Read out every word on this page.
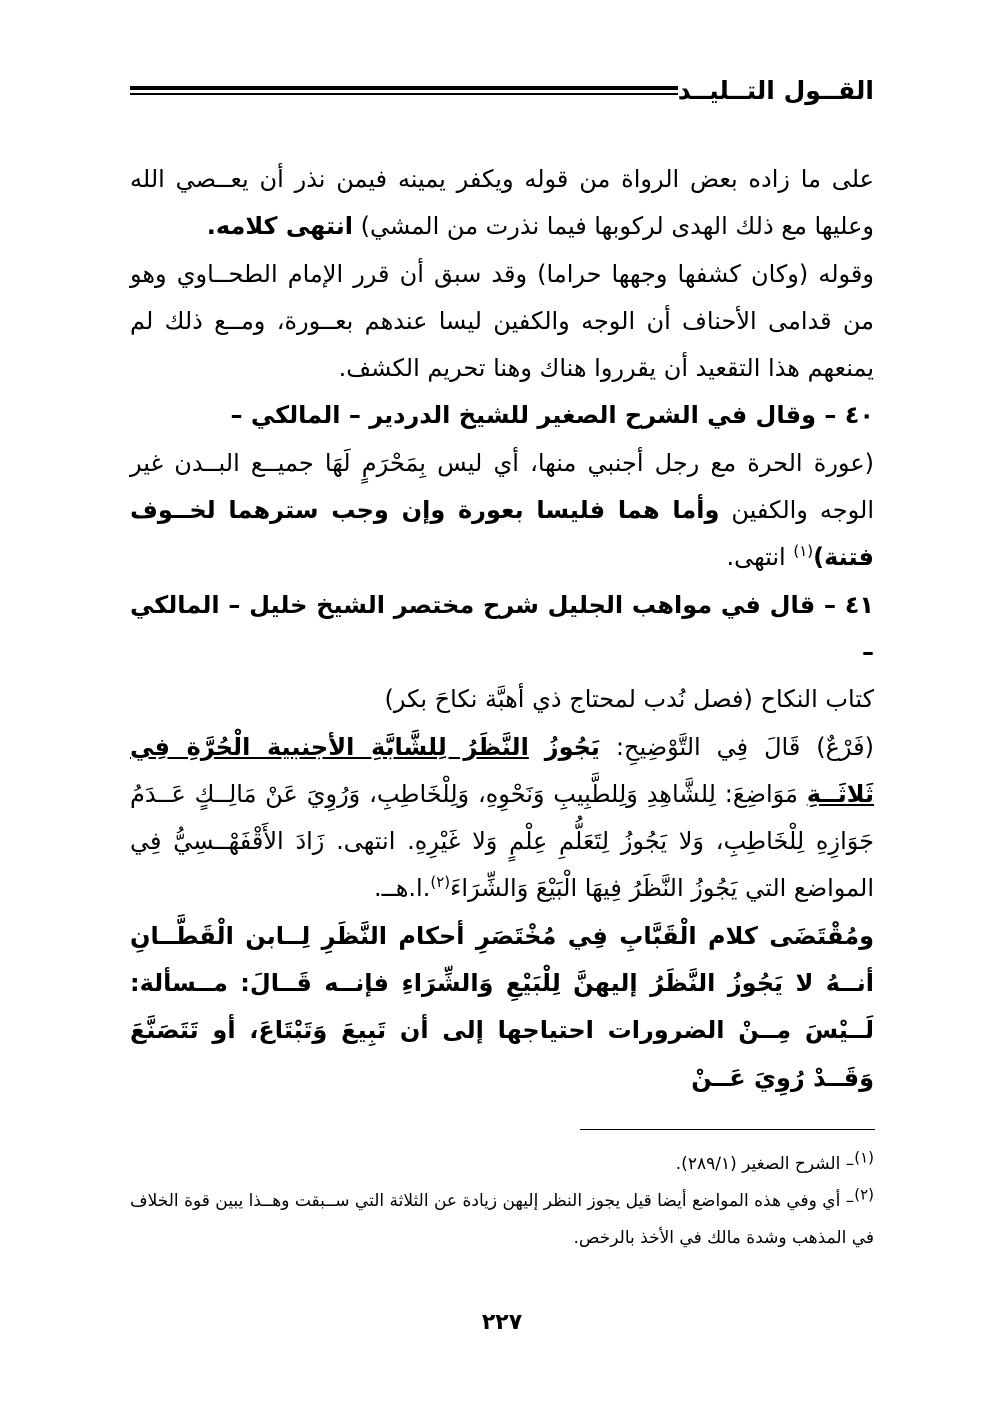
القــول التــليــد

على ما زاده بعض الرواة من قوله ويكفر يمينه فيمن نذر أن يعــصي الله وعليها مع ذلك الهدى لركوبها فيما نذرت من المشي) انتهى كلامه.

وقوله (وكان كشفها وجهها حراما) وقد سبق أن قرر الإمام الطحــاوي وهو من قدامى الأحناف أن الوجه والكفين ليسا عندهم بعــورة، ومــع ذلك لم يمنعهم هذا التقعيد أن يقرروا هناك وهنا تحريم الكشف.

٤٠ – وقال في الشرح الصغير للشيخ الدردير – المالكي –

(عورة الحرة مع رجل أجنبي منها، أي ليس بِمَحْرَمٍ لَهَا جميــع البــدن غير الوجه والكفين وأما هما فليسا بعورة وإن وجب سترهما لخــوف فتنة)$^{(١)}$ انتهى.

٤١ – قال في مواهب الجليل شرح مختصر الشيخ خليل – المالكي –

كتاب النكاح (فصل نُدب لمحتاج ذي أهبَّة نكاحَ بكر)

(فَرْعٌ) قَالَ فِي التَّوْضِيحِ: يَجُوزُ النَّظَرُ لِلشَّابَّةِ الأجنبية الْحُرَّةِ فِي ثَلاثَــةِ مَوَاضِعَ: لِلشَّاهِدِ وَلِلطَّبِيبِ وَنَحْوِهِ، وَلِلْخَاطِبِ، وَرُوِيَ عَنْ مَالِــكٍ عَــدَمُ جَوَازِهِ لِلْخَاطِبِ، وَلا يَجُوزُ لِتَعَلُّمِ عِلْمٍ وَلا غَيْرِهِ. انتهى. زَادَ الأَقْفَهْــسِيُّ فِي المواضع التي يَجُوزُ النَّظَرُ فِيهَا الْبَيْعَ وَالشِّرَاءَ$^{(٢)}$.ا.هــ.

ومُقْتَضَى كلام الْقَبَّابِ فِي مُخْتَصَرِ أحكام النَّظَرِ لِــابن الْقَطَّــانِ أنــهُ لا يَجُوزُ النَّظَرُ إليهنَّ لِلْبَيْعِ وَالشِّرَاءِ فإنــه قَــالَ: مــسألة: لَــيْسَ مِــنْ الضرورات احتياجها إلى أن تَبِيعَ وَتَبْتَاعَ، أو تَتَصَنَّعَ وَقَــدْ رُوِيَ عَــنْ

(١)– الشرح الصغير (٢٨٩/١).

(٢)– أي وفي هذه المواضع أيضا قيل يجوز النظر إليهن زيادة عن الثلاثة التي ســبقت وهــذا يبين قوة الخلاف في المذهب وشدة مالك في الأخذ بالرخص.

٢٢٧
